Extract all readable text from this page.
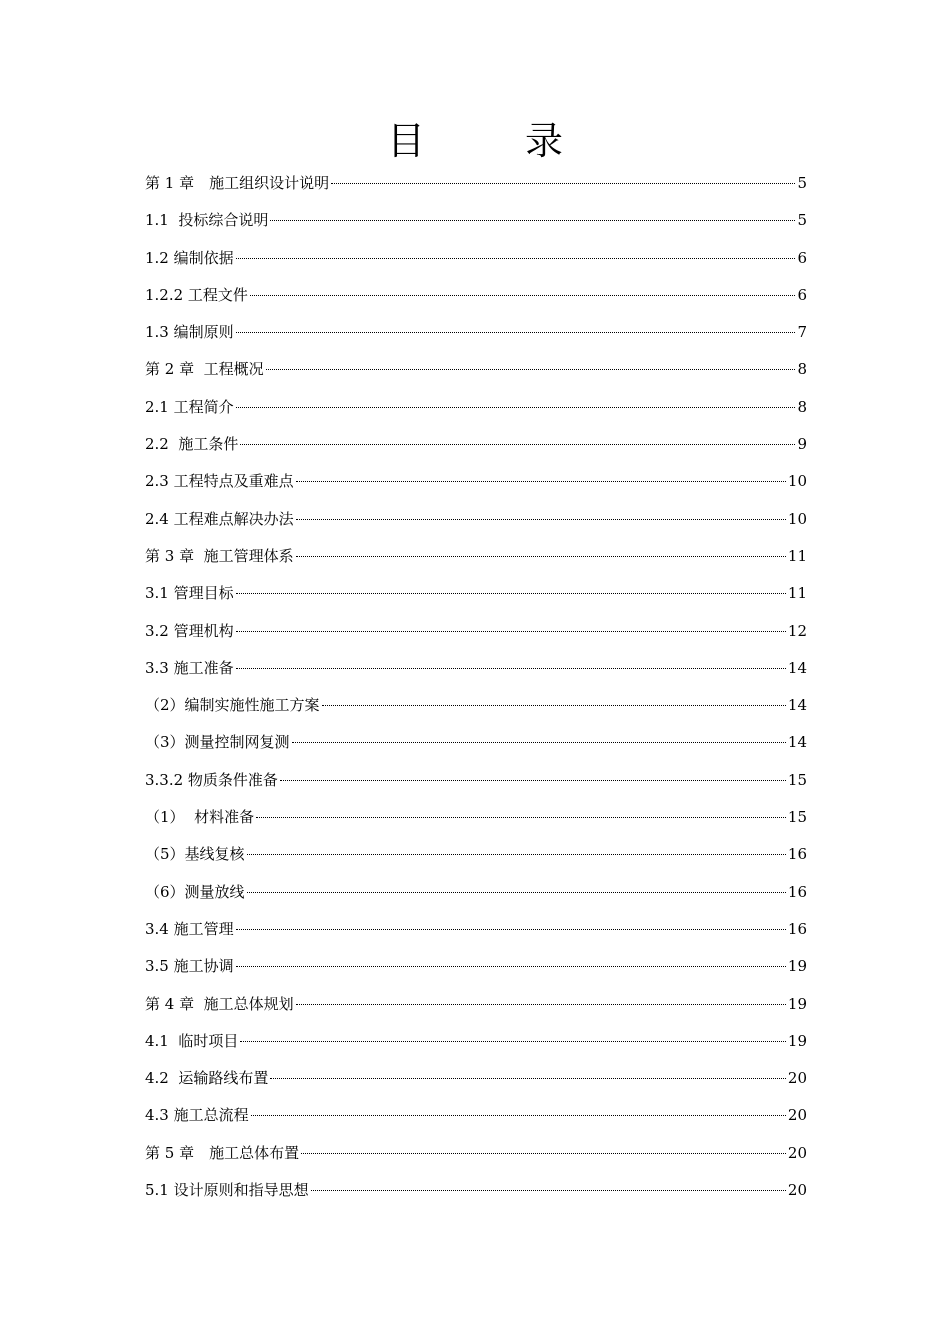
目 录
第 1 章　施工组织设计说明	5
1.1  投标综合说明	5
1.2 编制依据	6
1.2.2 工程文件	6
1.3 编制原则	7
第 2 章  工程概况	8
2.1 工程简介	8
2.2  施工条件	9
2.3 工程特点及重难点	10
2.4 工程难点解决办法	10
第 3 章  施工管理体系	11
3.1 管理目标	11
3.2 管理机构	12
3.3 施工准备	14
（2）编制实施性施工方案	14
（3）测量控制网复测	14
3.3.2 物质条件准备	15
（1）  材料准备	15
（5）基线复核	16
（6）测量放线	16
3.4 施工管理	16
3.5 施工协调	19
第 4 章  施工总体规划	19
4.1  临时项目	19
4.2  运输路线布置	20
4.3 施工总流程	20
第 5 章　施工总体布置	20
5.1 设计原则和指导思想	20
